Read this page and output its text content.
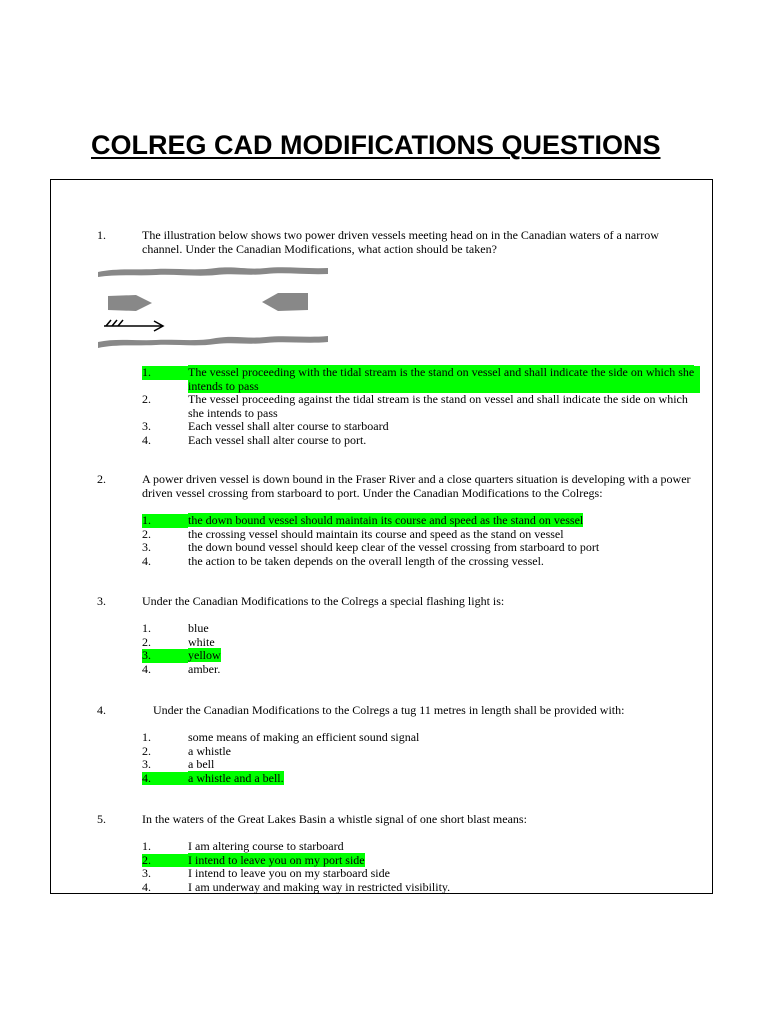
COLREG CAD MODIFICATIONS QUESTIONS
1.	The illustration below shows two power driven vessels meeting head on in the Canadian waters of a narrow channel. Under the Canadian Modifications, what action should be taken?
1.	The vessel proceeding with the tidal stream is the stand on vessel and shall indicate the side on which she intends to pass
2.	The vessel proceeding against the tidal stream is the stand on vessel and shall indicate the side on which she intends to pass
3.	Each vessel shall alter course to starboard
4.	Each vessel shall alter course to port.
2.	A power driven vessel is down bound in the Fraser River and a close quarters situation is developing with a power driven vessel crossing from starboard to port. Under the Canadian Modifications to the Colregs:
1.	the down bound vessel should maintain its course and speed as the stand on vessel
2.	the crossing vessel should maintain its course and speed as the stand on vessel
3.	the down bound vessel should keep clear of the vessel crossing from starboard to port
4.	the action to be taken depends on the overall length of the crossing vessel.
3.	Under the Canadian Modifications to the Colregs a special flashing light is:
1.	blue
2.	white
3.	yellow
4.	amber.
4.	Under the Canadian Modifications to the Colregs a tug 11 metres in length shall be provided with:
1.	some means of making an efficient sound signal
2.	a whistle
3.	a bell
4.	a whistle and a bell.
5.	In the waters of the Great Lakes Basin a whistle signal of one short blast means:
1.	I am altering course to starboard
2.	I intend to leave you on my port side
3.	I intend to leave you on my starboard side
4.	I am underway and making way in restricted visibility.
